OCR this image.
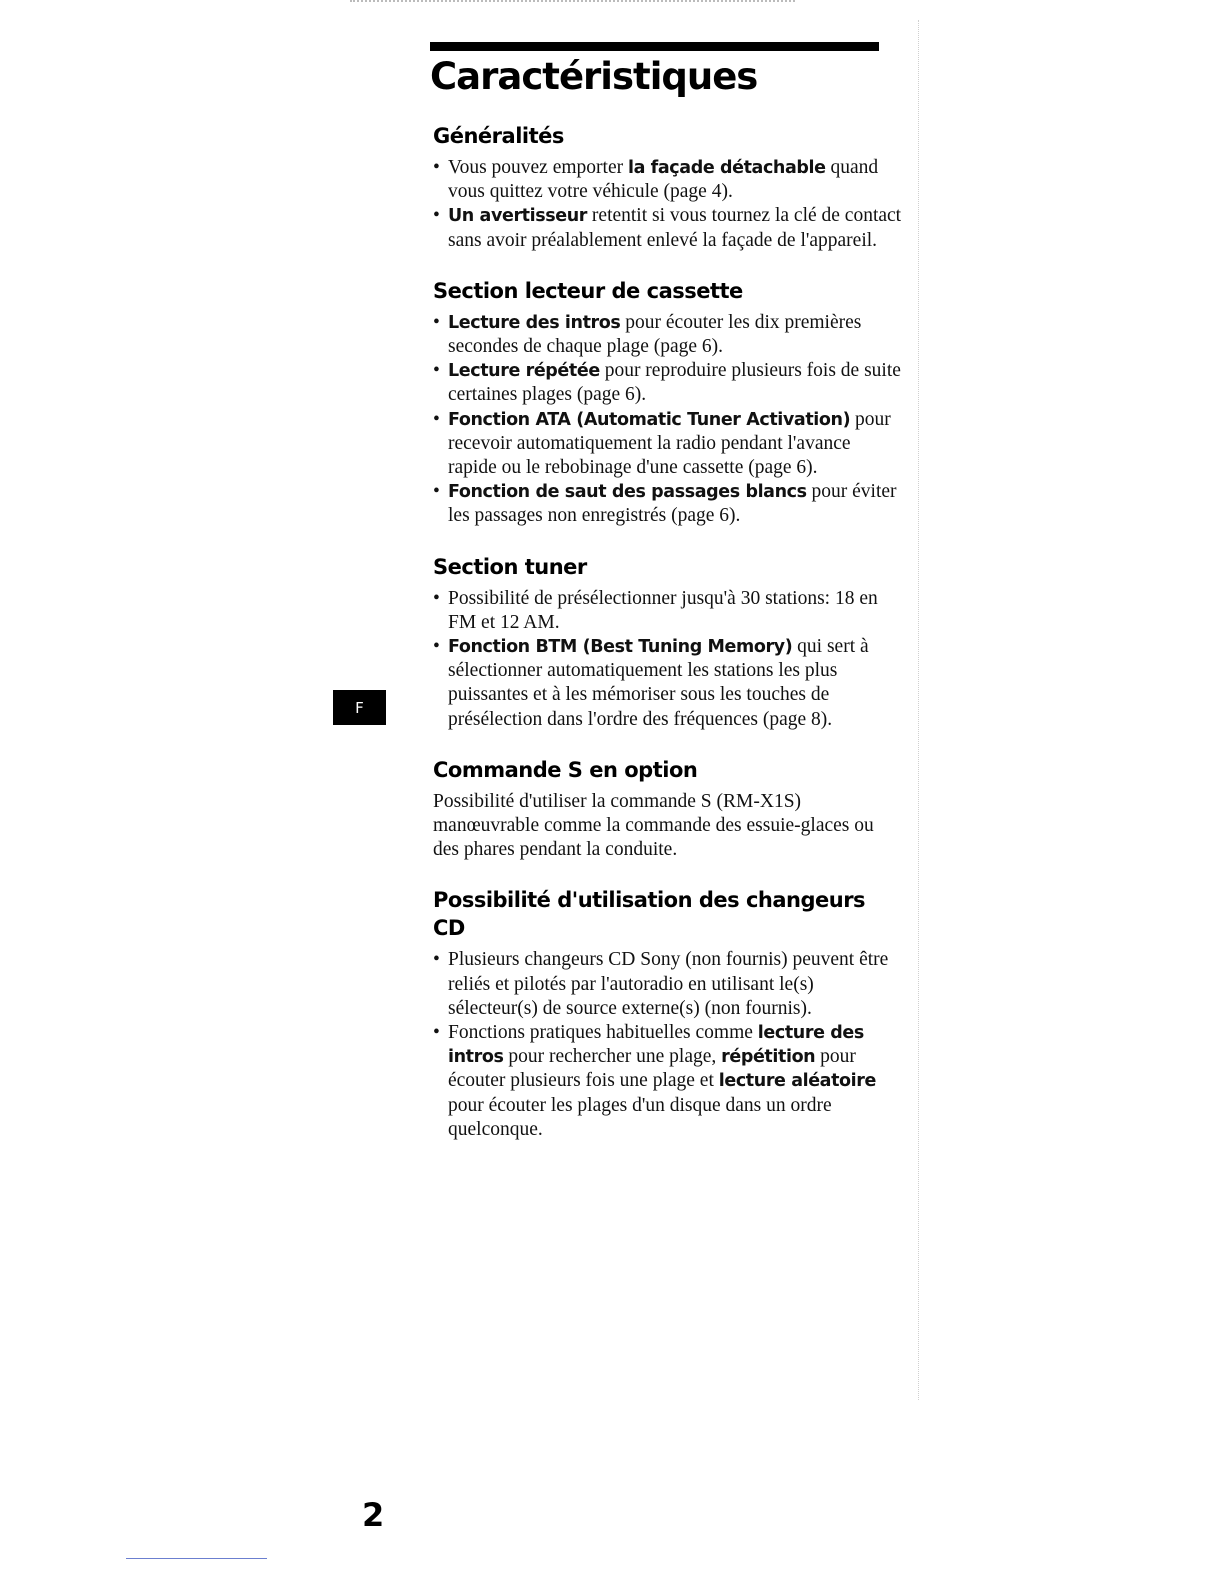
Caractéristiques
F
Généralités
• Vous pouvez emporter la façade détachable quand vous quittez votre véhicule (page 4).
• Un avertisseur retentit si vous tournez la clé de contact sans avoir préalablement enlevé la façade de l'appareil.
Section lecteur de cassette
• Lecture des intros pour écouter les dix premières secondes de chaque plage (page 6).
• Lecture répétée pour reproduire plusieurs fois de suite certaines plages (page 6).
• Fonction ATA (Automatic Tuner Activation) pour recevoir automatiquement la radio pendant l'avance rapide ou le rebobinage d'une cassette (page 6).
• Fonction de saut des passages blancs pour éviter les passages non enregistrés (page 6).
Section tuner
• Possibilité de présélectionner jusqu'à 30 stations: 18 en FM et 12 AM.
• Fonction BTM (Best Tuning Memory) qui sert à sélectionner automatiquement les stations les plus puissantes et à les mémoriser sous les touches de présélection dans l'ordre des fréquences (page 8).
Commande S en option

Possibilité d'utiliser la commande S (RM-X1S) manœuvrable comme la commande des essuie-glaces ou des phares pendant la conduite.

Possibilité d'utilisation des changeurs CD
• Plusieurs changeurs CD Sony (non fournis) peuvent être reliés et pilotés par l'autoradio en utilisant le(s) sélecteur(s) de source externe(s) (non fournis).
• Fonctions pratiques habituelles comme lecture des intros pour rechercher une plage, répétition pour écouter plusieurs fois une plage et lecture aléatoire pour écouter les plages d'un disque dans un ordre quelconque.
2
